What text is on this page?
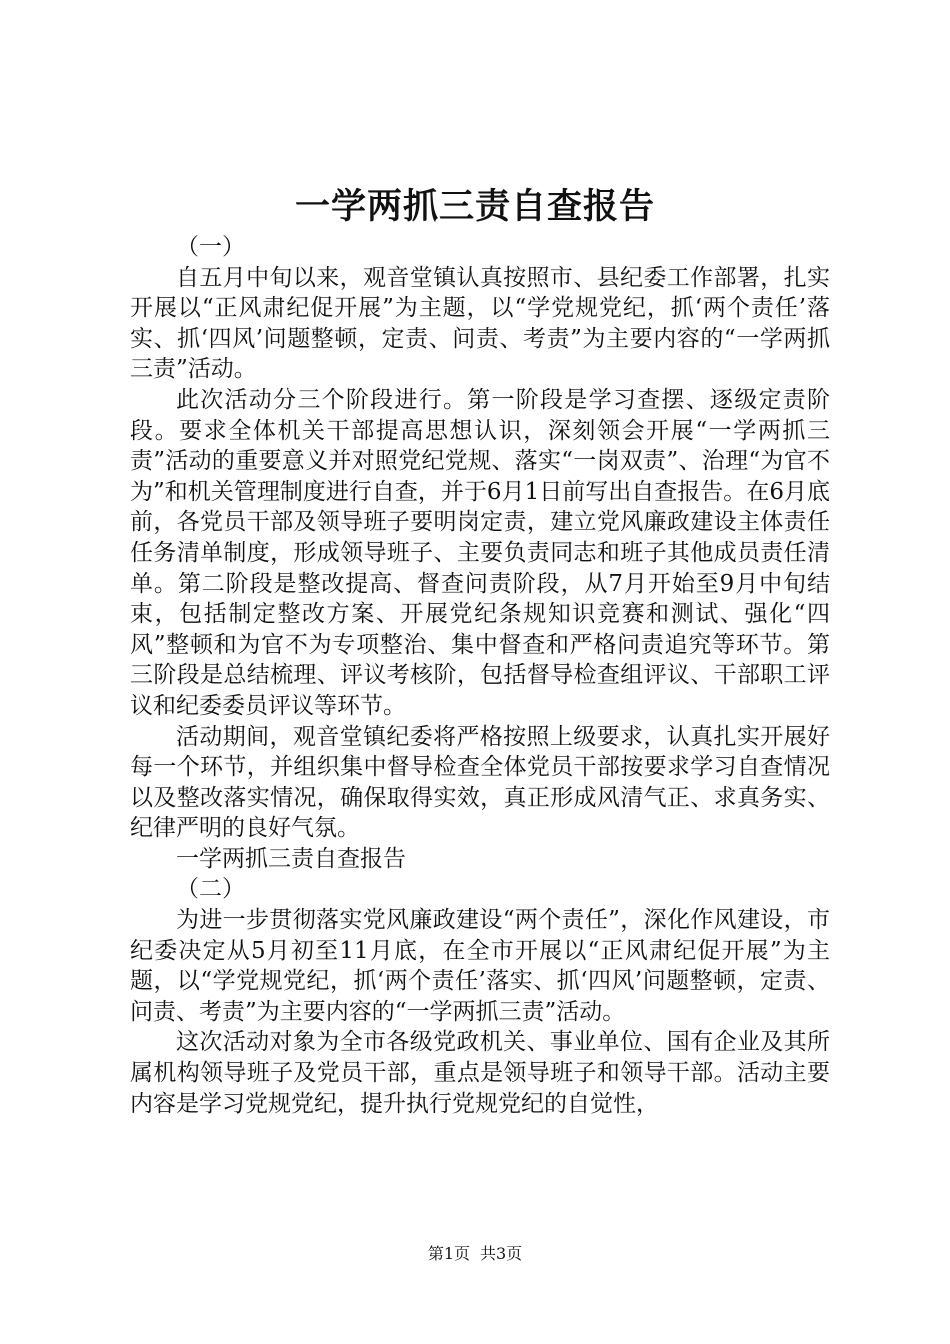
一学两抓三责自查报告

（一）

自五月中旬以来，观音堂镇认真按照市、县纪委工作部署，扎实开展以“正风肃纪促开展”为主题，以“学党规党纪，抓‘两个责任’落实、抓‘四风’问题整顿，定责、问责、考责”为主要内容的“一学两抓三责”活动。

此次活动分三个阶段进行。第一阶段是学习查摆、逐级定责阶段。要求全体机关干部提高思想认识，深刻领会开展“一学两抓三责”活动的重要意义并对照党纪党规、落实“一岗双责”、治理“为官不为”和机关管理制度进行自查，并于6月1日前写出自查报告。在6月底前，各党员干部及领导班子要明岗定责，建立党风廉政建设主体责任任务清单制度，形成领导班子、主要负责同志和班子其他成员责任清单。第二阶段是整改提高、督查问责阶段，从7月开始至9月中旬结束，包括制定整改方案、开展党纪条规知识竞赛和测试、强化“四风”整顿和为官不为专项整治、集中督查和严格问责追究等环节。第三阶段是总结梳理、评议考核阶，包括督导检查组评议、干部职工评议和纪委委员评议等环节。

活动期间，观音堂镇纪委将严格按照上级要求，认真扎实开展好每一个环节，并组织集中督导检查全体党员干部按要求学习自查情况以及整改落实情况，确保取得实效，真正形成风清气正、求真务实、纪律严明的良好气氛。

一学两抓三责自查报告

（二）

为进一步贯彻落实党风廉政建设“两个责任”，深化作风建设，市纪委决定从5月初至11月底，在全市开展以“正风肃纪促开展”为主题，以“学党规党纪，抓‘两个责任’落实、抓‘四风’问题整顿，定责、问责、考责”为主要内容的“一学两抓三责”活动。

这次活动对象为全市各级党政机关、事业单位、国有企业及其所属机构领导班子及党员干部，重点是领导班子和领导干部。活动主要内容是学习党规党纪，提升执行党规党纪的自觉性，

第1页 共3页
